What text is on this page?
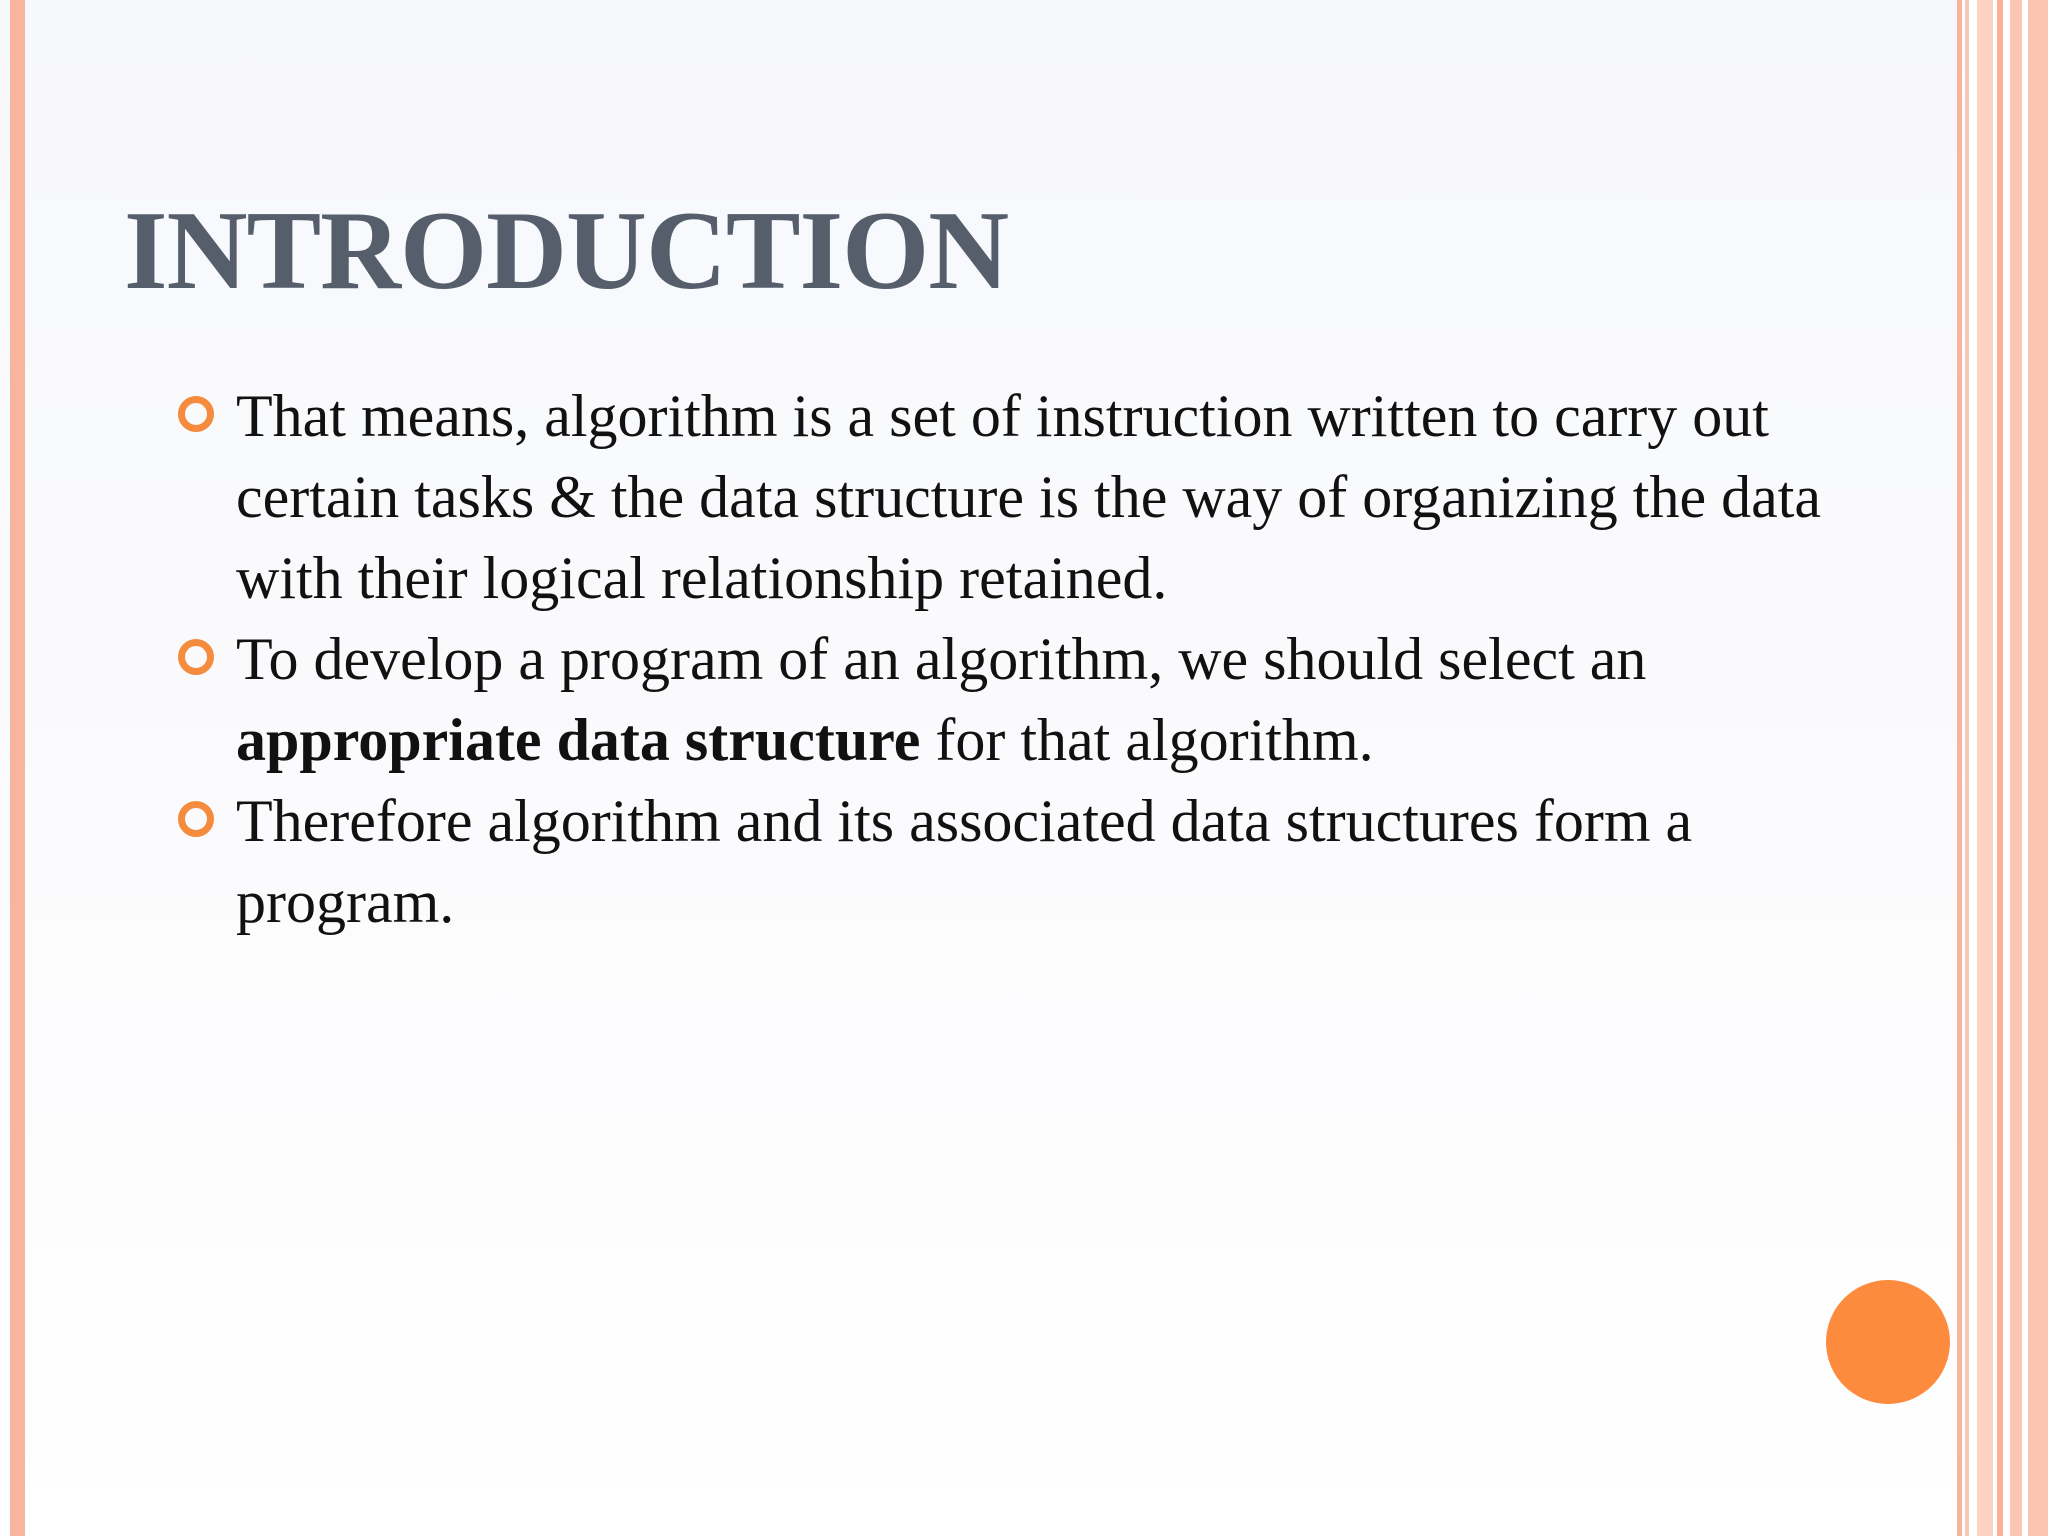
INTRODUCTION
That means, algorithm is a set of instruction written to carry out certain tasks & the data structure is the way of organizing the data with their logical relationship retained.
To develop a program of an algorithm, we should select an appropriate data structure for that algorithm.
Therefore algorithm and its associated data structures form a program.
